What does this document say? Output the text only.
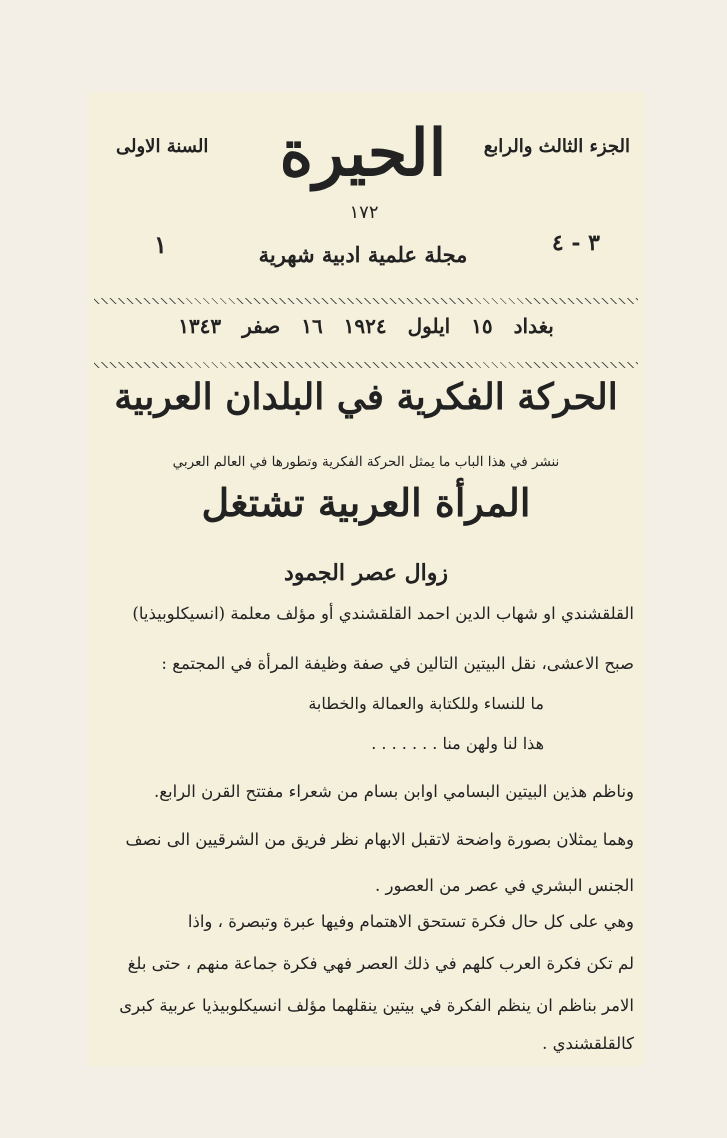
الجزء الثالث والرابع
السنة الاولى
٣ - ٤
١
الحيرة
١٧٢
مجلة علمية ادبية شهرية
بغداد ١٥ ايلول ١٩٢٤ ١٦ صفر ١٣٤٣
الحركة الفكرية في البلدان العربية
ننشر في هذا الباب ما يمثل الحركة الفكرية وتطورها في العالم العربي
المرأة العربية تشتغل
زوال عصر الجمود
القلقشندي او شهاب الدين احمد القلقشندي أو مؤلف معلمة (انسيكلوبيذيا)
صبح الاعشى، نقل البيتين التالين في صفة وظيفة المرأة في المجتمع :
ما للنساء وللكتابة والعمالة والخطابة
هذا لنا ولهن منا . . . . . . .
وناظم هذين البيتين البسامي اوابن بسام من شعراء مفتتح القرن الرابع.
وهما يمثلان بصورة واضحة لاتقبل الابهام نظر فريق من الشرقيين الى نصف
الجنس البشري في عصر من العصور .
وهي على كل حال فكرة تستحق الاهتمام وفيها عبرة وتبصرة ، واذا
لم تكن فكرة العرب كلهم في ذلك العصر فهي فكرة جماعة منهم ، حتى بلغ
الامر بناظم ان ينظم الفكرة في بيتين ينقلهما مؤلف انسيكلوبيذيا عربية كبرى
كالقلقشندي .
